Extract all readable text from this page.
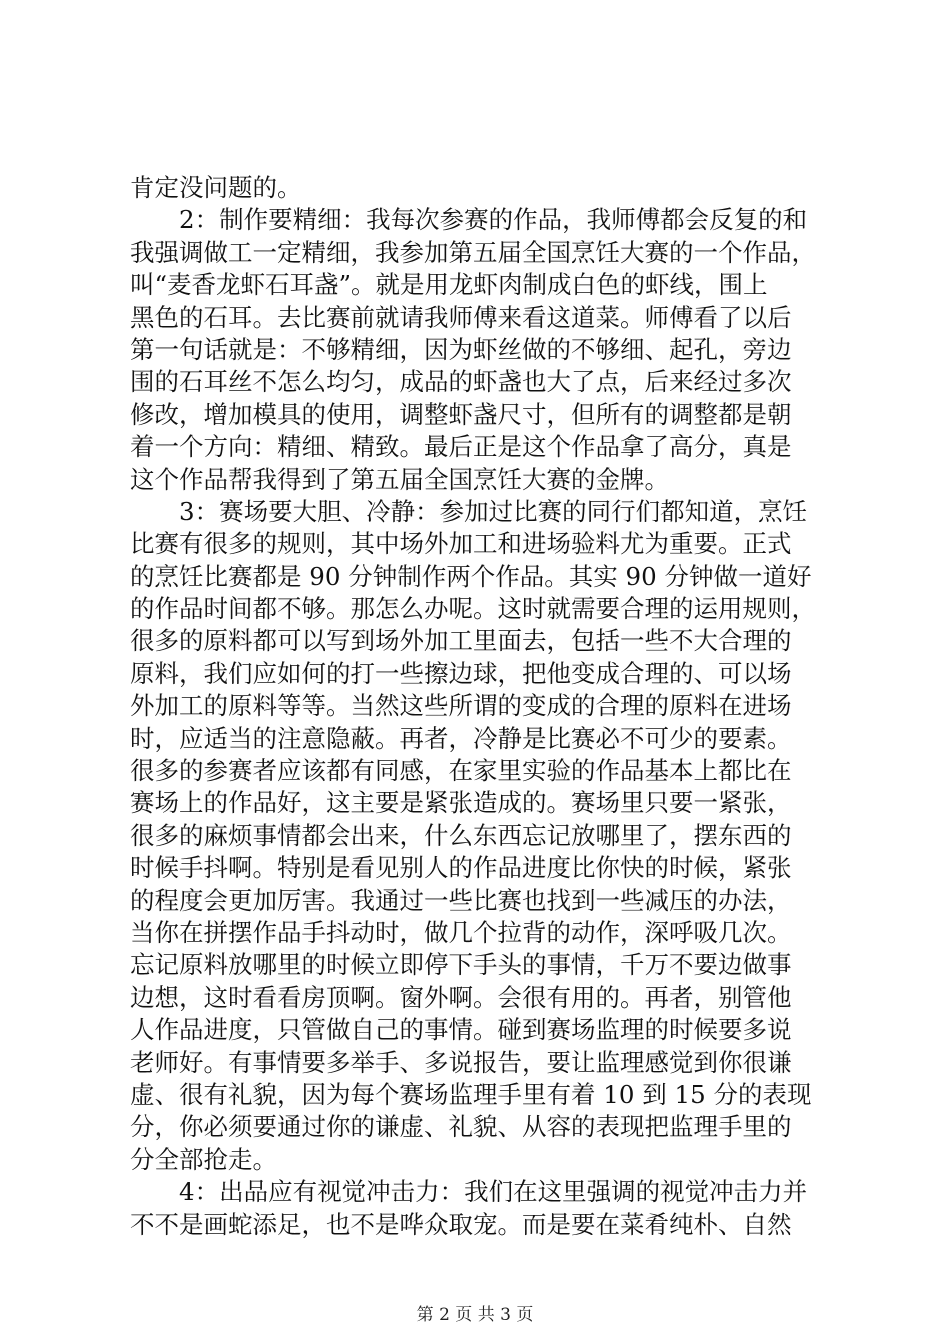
肯定没问题的。
2：制作要精细：我每次参赛的作品，我师傅都会反复的和
我强调做工一定精细，我参加第五届全国烹饪大赛的一个作品，
叫“麦香龙虾石耳盏”。就是用龙虾肉制成白色的虾线，围上
黑色的石耳。去比赛前就请我师傅来看这道菜。师傅看了以后
第一句话就是：不够精细，因为虾丝做的不够细、起孔，旁边
围的石耳丝不怎么均匀，成品的虾盏也大了点，后来经过多次
修改，增加模具的使用，调整虾盏尺寸，但所有的调整都是朝
着一个方向：精细、精致。最后正是这个作品拿了高分，真是
这个作品帮我得到了第五届全国烹饪大赛的金牌。
3：赛场要大胆、冷静：参加过比赛的同行们都知道，烹饪
比赛有很多的规则，其中场外加工和进场验料尤为重要。正式
的烹饪比赛都是 90 分钟制作两个作品。其实 90 分钟做一道好
的作品时间都不够。那怎么办呢。这时就需要合理的运用规则，
很多的原料都可以写到场外加工里面去，包括一些不大合理的
原料，我们应如何的打一些擦边球，把他变成合理的、可以场
外加工的原料等等。当然这些所谓的变成的合理的原料在进场
时，应适当的注意隐蔽。再者，冷静是比赛必不可少的要素。
很多的参赛者应该都有同感，在家里实验的作品基本上都比在
赛场上的作品好，这主要是紧张造成的。赛场里只要一紧张，
很多的麻烦事情都会出来，什么东西忘记放哪里了，摆东西的
时候手抖啊。特别是看见别人的作品进度比你快的时候，紧张
的程度会更加厉害。我通过一些比赛也找到一些减压的办法，
当你在拼摆作品手抖动时，做几个拉背的动作，深呼吸几次。
忘记原料放哪里的时候立即停下手头的事情，千万不要边做事
边想，这时看看房顶啊。窗外啊。会很有用的。再者，别管他
人作品进度，只管做自己的事情。碰到赛场监理的时候要多说
老师好。有事情要多举手、多说报告，要让监理感觉到你很谦
虚、很有礼貌，因为每个赛场监理手里有着 10 到 15 分的表现
分，你必须要通过你的谦虚、礼貌、从容的表现把监理手里的
分全部抢走。
4：出品应有视觉冲击力：我们在这里强调的视觉冲击力并
不不是画蛇添足，也不是哗众取宠。而是要在菜肴纯朴、自然
第 2 页 共 3 页
